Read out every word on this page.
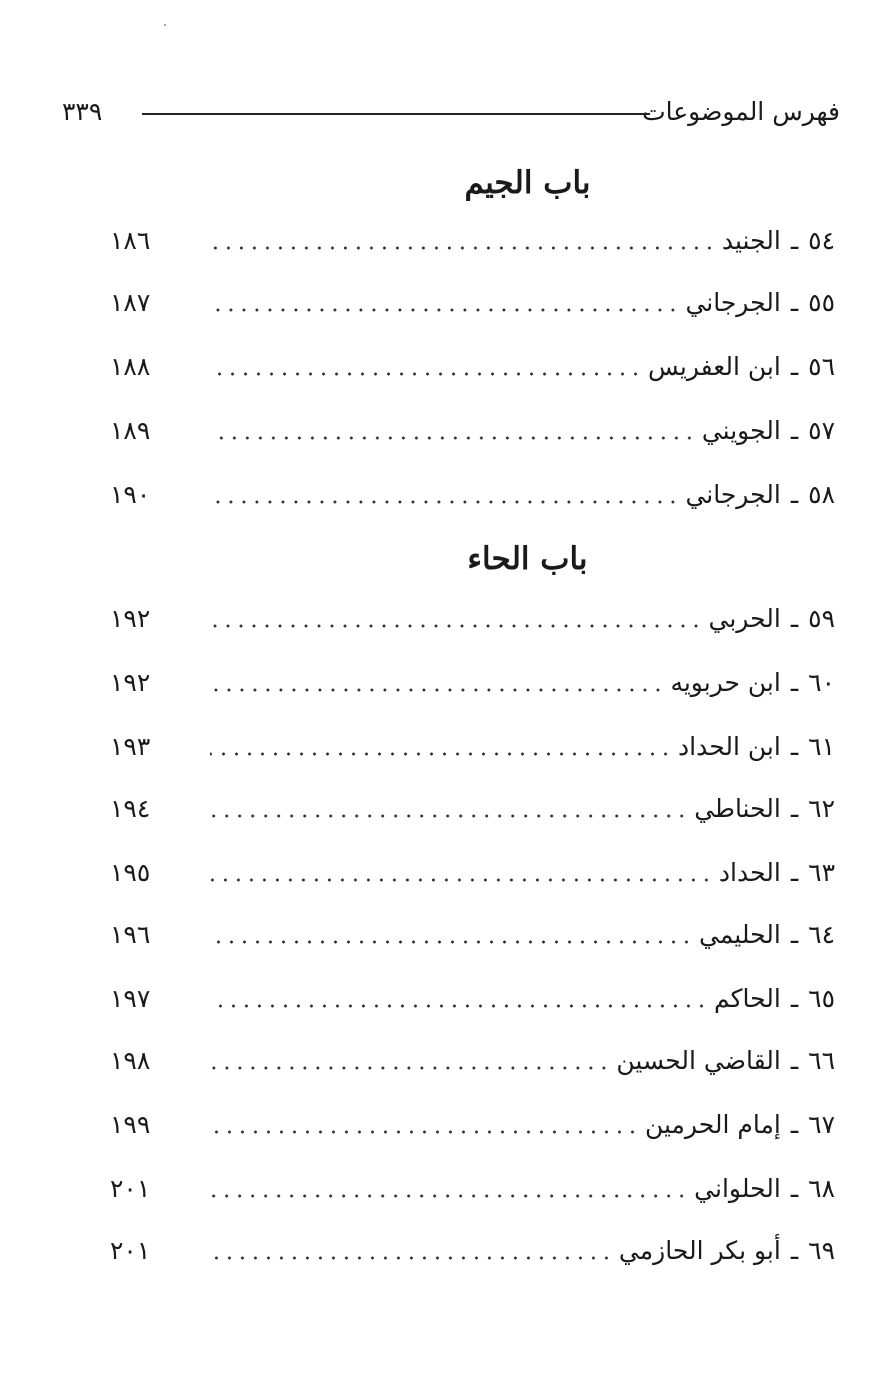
فهرس الموضوعات
٣٣٩
باب الجيم
٥٤
ـ
الجنيد
١٨٦
٥٥
ـ
الجرجاني
١٨٧
٥٦
ـ
ابن العفريس
١٨٨
٥٧
ـ
الجويني
١٨٩
٥٨
ـ
الجرجاني
١٩٠
باب الحاء
٥٩
ـ
الحربي
١٩٢
٦٠
ـ
ابن حربويه
١٩٢
٦١
ـ
ابن الحداد
١٩٣
٦٢
ـ
الحناطي
١٩٤
٦٣
ـ
الحداد
١٩٥
٦٤
ـ
الحليمي
١٩٦
٦٥
ـ
الحاكم
١٩٧
٦٦
ـ
القاضي الحسين
١٩٨
٦٧
ـ
إمام الحرمين
١٩٩
٦٨
ـ
الحلواني
٢٠١
٦٩
ـ
أبو بكر الحازمي
٢٠١
